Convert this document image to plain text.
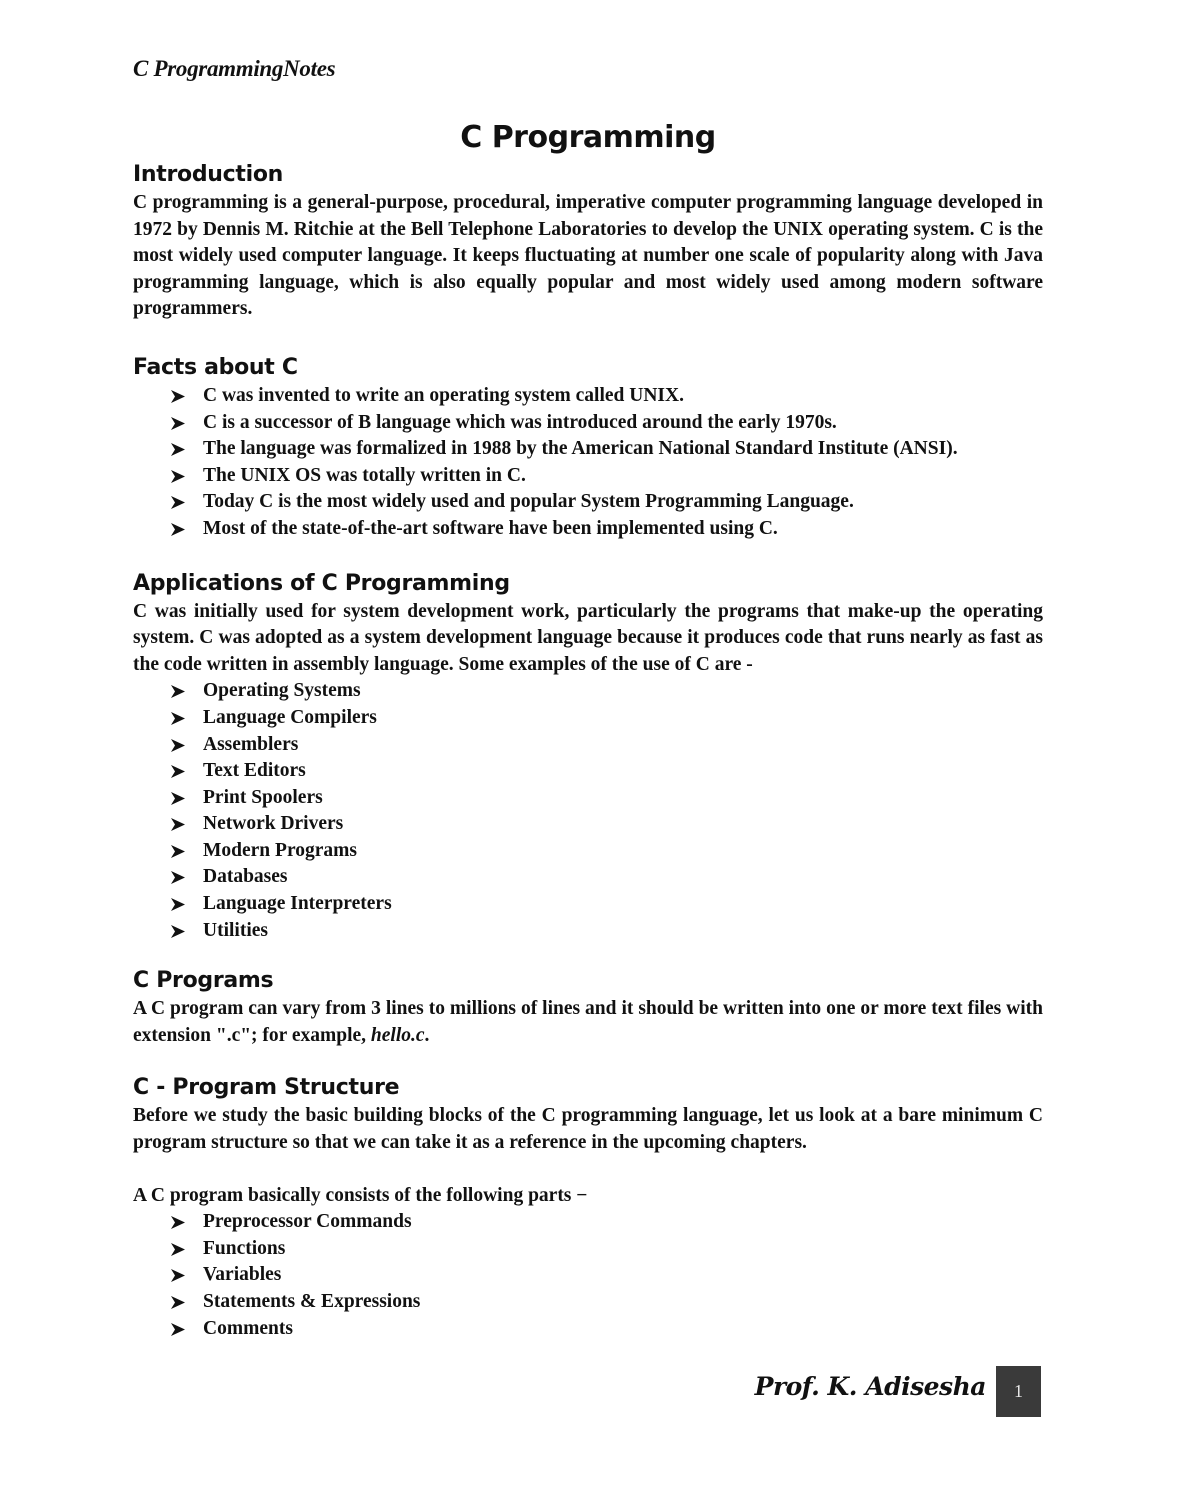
C ProgrammingNotes
C Programming
Introduction

C programming is a general-purpose, procedural, imperative computer programming language developed in 1972 by Dennis M. Ritchie at the Bell Telephone Laboratories to develop the UNIX operating system. C is the most widely used computer language. It keeps fluctuating at number one scale of popularity along with Java programming language, which is also equally popular and most widely used among modern software programmers.

Facts about C
C was invented to write an operating system called UNIX.
C is a successor of B language which was introduced around the early 1970s.
The language was formalized in 1988 by the American National Standard Institute (ANSI).
The UNIX OS was totally written in C.
Today C is the most widely used and popular System Programming Language.
Most of the state-of-the-art software have been implemented using C.
Applications of C Programming

C was initially used for system development work, particularly the programs that make-up the operating system. C was adopted as a system development language because it produces code that runs nearly as fast as the code written in assembly language. Some examples of the use of C are -

Operating Systems
Language Compilers
Assemblers
Text Editors
Print Spoolers
Network Drivers
Modern Programs
Databases
Language Interpreters
Utilities
C Programs

A C program can vary from 3 lines to millions of lines and it should be written into one or more text files with extension ".c"; for example, hello.c.

C - Program Structure

Before we study the basic building blocks of the C programming language, let us look at a bare minimum C program structure so that we can take it as a reference in the upcoming chapters.

A C program basically consists of the following parts −

Preprocessor Commands
Functions
Variables
Statements & Expressions
Comments
Prof. K. Adisesha	1
